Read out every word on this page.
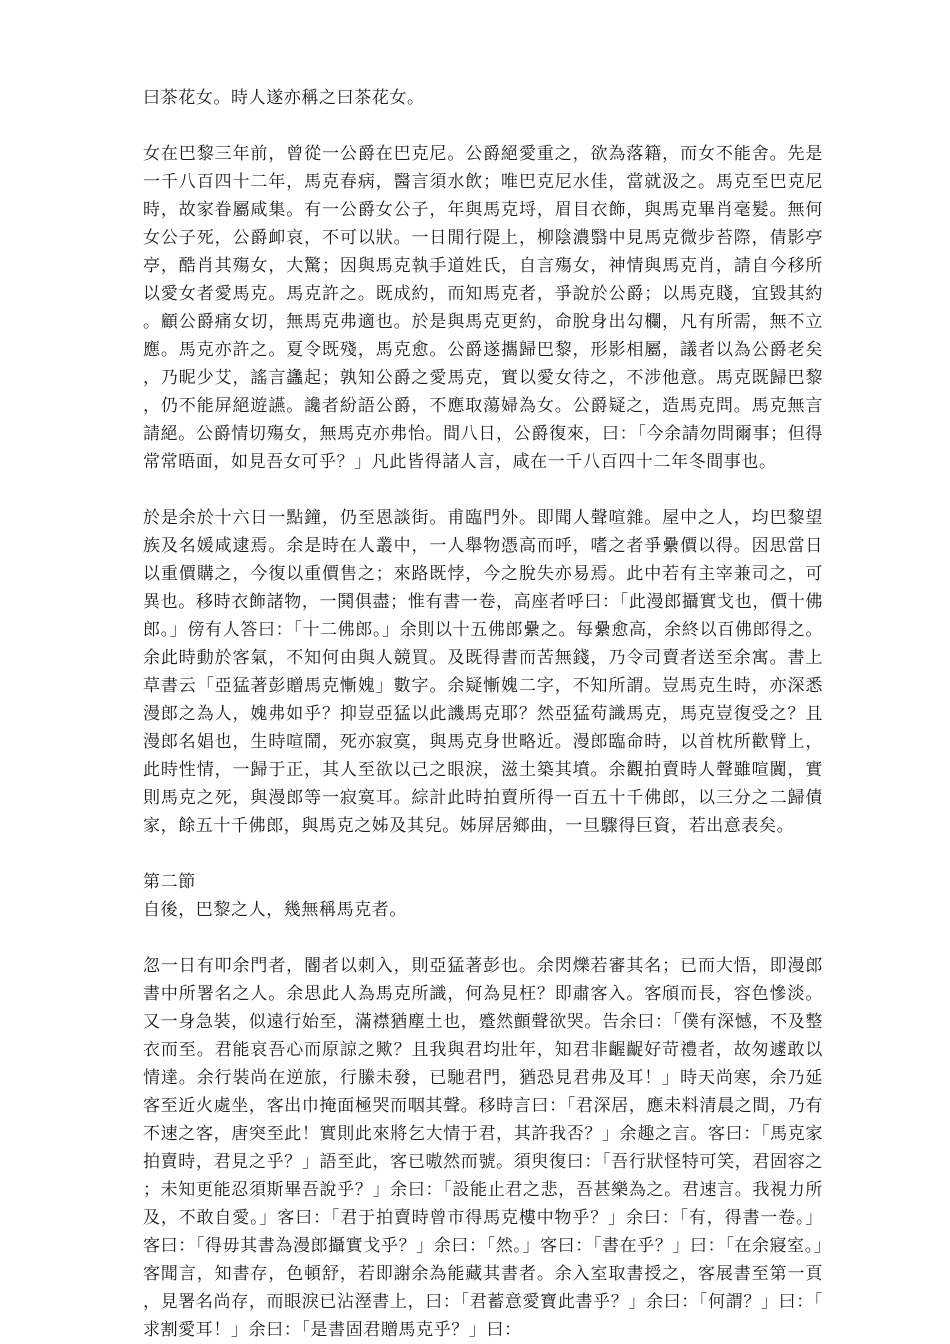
曰茶花女。時人遂亦稱之曰茶花女。

女在巴黎三年前，曾從一公爵在巴克尼。公爵絕愛重之，欲為落籍，而女不能舍。先是一千八百四十二年，馬克春病，醫言須水飲；唯巴克尼水佳，當就汲之。馬克至巴克尼時，故家眷屬咸集。有一公爵女公子，年與馬克埒，眉目衣飾，與馬克畢肖毫髮。無何女公子死，公爵卹哀，不可以狀。一日閒行隄上，柳陰濃翳中見馬克微步苔際，倩影亭亭，酷肖其殤女，大驚；因與馬克執手道姓氏，自言殤女，神情與馬克肖，請自今移所以愛女者愛馬克。馬克許之。既成約，而知馬克者，爭說於公爵；以馬克賤，宜毀其約。顧公爵痛女切，無馬克弗適也。於是與馬克更約，命脫身出勾欄，凡有所需，無不立應。馬克亦許之。夏令既殘，馬克愈。公爵遂攜歸巴黎，形影相屬，議者以為公爵老矣，乃昵少艾，謠言蠭起；孰知公爵之愛馬克，實以愛女待之，不涉他意。馬克既歸巴黎，仍不能屏絕遊讌。讒者紛語公爵，不應取蕩婦為女。公爵疑之，造馬克問。馬克無言請絕。公爵情切殤女，無馬克亦弗怡。間八日，公爵復來，曰：「今余請勿問爾事；但得常常晤面，如見吾女可乎？」凡此皆得諸人言，咸在一千八百四十二年冬間事也。

於是余於十六日一點鐘，仍至恩談街。甫臨門外。即聞人聲喧雜。屋中之人，均巴黎望族及名媛咸逮焉。余是時在人叢中，一人舉物憑高而呼，嗜之者爭纍價以得。因思當日以重價購之，今復以重價售之；來路既悖，今之脫失亦易焉。此中若有主宰兼司之，可異也。移時衣飾諸物，一鬨俱盡；惟有書一卷，高座者呼曰：「此漫郎攝實戈也，價十佛郎。」傍有人答曰：「十二佛郎。」余則以十五佛郎纍之。每纍愈高，余終以百佛郎得之。余此時動於客氣，不知何由與人競買。及既得書而苦無錢，乃令司賣者送至余寓。書上草書云「亞猛著彭贈馬克慚媿」數字。余疑慚媿二字，不知所謂。豈馬克生時，亦深悉漫郎之為人，媿弗如乎？抑豈亞猛以此譏馬克耶？然亞猛苟識馬克，馬克豈復受之？且漫郎名娼也，生時喧鬧，死亦寂寞，與馬克身世略近。漫郎臨命時，以首枕所歡臂上，此時性情，一歸于正，其人至欲以己之眼淚，滋土築其墳。余觀拍賣時人聲雖喧闐，實則馬克之死，與漫郎等一寂寞耳。綜計此時拍賣所得一百五十千佛郎，以三分之二歸債家，餘五十千佛郎，與馬克之姊及其兒。姊屏居鄉曲，一旦驟得巨資，若出意表矣。

第二節

自後，巴黎之人，幾無稱馬克者。

忽一日有叩余門者，閽者以刺入，則亞猛著彭也。余閃爍若審其名；已而大悟，即漫郎書中所署名之人。余思此人為馬克所識，何為見枉？即肅客入。客頎而長，容色慘淡。又一身急裝，似遠行始至，滿襟猶塵土也，蹙然顫聲欲哭。告余曰：「僕有深憾，不及整衣而至。君能哀吾心而原諒之歟？且我與君均壯年，知君非齷齪好苛禮者，故匆遽敢以情達。余行裝尚在逆旅，行縢未發，已馳君門，猶恐見君弗及耳！」時天尚寒，余乃延客至近火處坐，客出巾掩面極哭而咽其聲。移時言曰：「君深居，應未料清晨之間，乃有不速之客，唐突至此！實則此來將乞大情于君，其許我否？」余趣之言。客曰：「馬克家拍賣時，君見之乎？」語至此，客已嗷然而號。須臾復曰：「吾行狀怪特可笑，君固容之；未知更能忍須斯畢吾說乎？」余曰：「設能止君之悲，吾甚樂為之。君速言。我視力所及，不敢自愛。」客曰：「君于拍賣時曾市得馬克樓中物乎？」余曰：「有，得書一卷。」客曰：「得毋其書為漫郎攝實戈乎？」余曰：「然。」客曰：「書在乎？」曰：「在余寢室。」客聞言，知書存，色頓舒，若即謝余為能藏其書者。余入室取書授之，客展書至第一頁，見署名尚存，而眼淚已沾溼書上，曰：「君蓄意愛寶此書乎？」余曰：「何謂？」曰：「求割愛耳！」余曰：「是書固君贈馬克乎？」曰：
